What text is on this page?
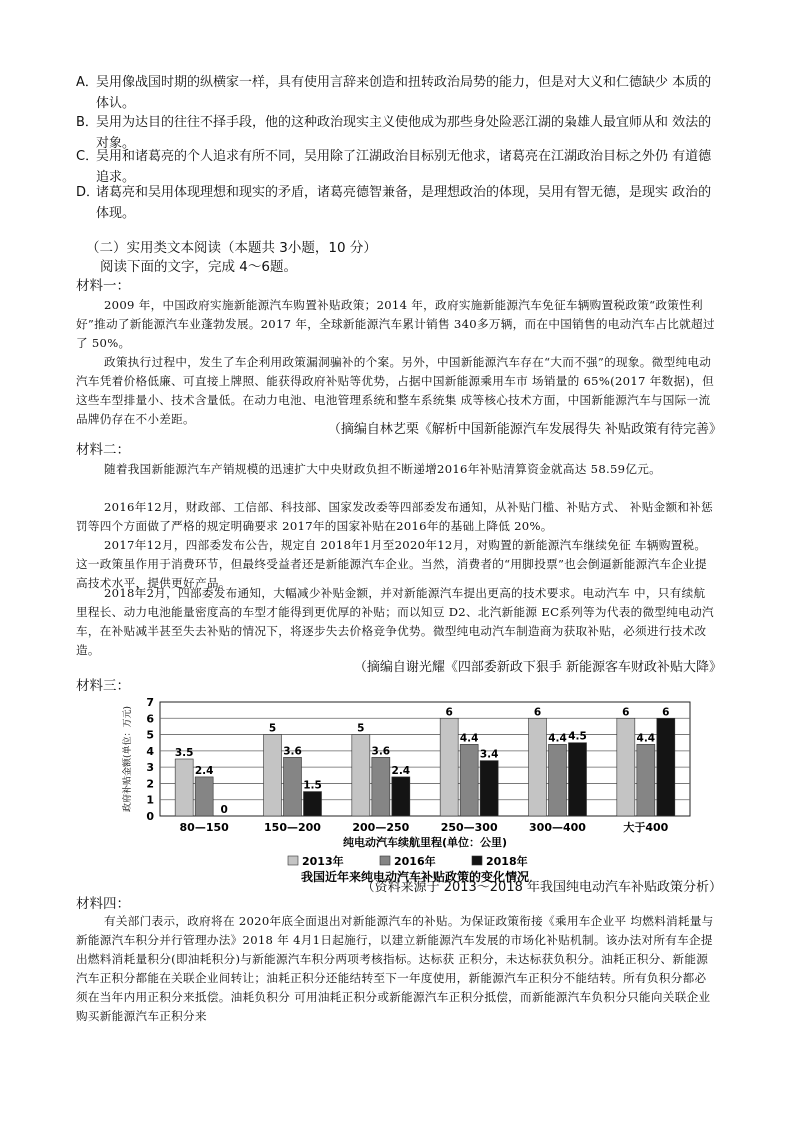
A．
吴用像战国时期的纵横家一样，具有使用言辞来创造和扭转政治局势的能力，但是对大义和仁德缺少 本质的体认。
B．
吴用为达目的往往不择手段，他的这种政治现实主义使他成为那些身处险恶江湖的枭雄人最宜师从和 效法的对象。
C．
吴用和诸葛亮的个人追求有所不同，吴用除了江湖政治目标别无他求，诸葛亮在江湖政治目标之外仍 有道德追求。
D．
诸葛亮和吴用体现理想和现实的矛盾，诸葛亮德智兼备，是理想政治的体现，吴用有智无德，是现实 政治的体现。
（二）实用类文本阅读（本题共 3小题，10 分）
阅读下面的文字，完成 4～6题。
材料一：

2009 年，中国政府实施新能源汽车购置补贴政策；2014 年，政府实施新能源汽车免征车辆购置税政策“政策性利好”推动了新能源汽车业蓬勃发展。2017 年，全球新能源汽车累计销售 340多万辆，而在中国销售的电动汽车占比就超过了 50%。

政策执行过程中，发生了车企利用政策漏洞骗补的个案。另外，中国新能源汽车存在“大而不强”的现象。微型纯电动汽车凭着价格低廉、可直接上牌照、能获得政府补贴等优势，占据中国新能源乘用车市 场销量的 65%(2017 年数据)，但这些车型排量小、技术含量低。在动力电池、电池管理系统和整车系统集 成等核心技术方面，中国新能源汽车与国际一流品牌仍存在不小差距。

（摘编自林艺栗《解析中国新能源汽车发展得失 补贴政策有待完善》
材料二：

随着我国新能源汽车产销规模的迅速扩大中央财政负担不断递增2016年补贴清算资金就高达 58.59亿元。

2016年12月，财政部、工信部、科技部、国家发改委等四部委发布通知，从补贴门槛、补贴方式、 补贴金额和补惩罚等四个方面做了严格的规定明确要求 2017年的国家补贴在2016年的基础上降低 20%。

2017年12月，四部委发布公告，规定自 2018年1月至2020年12月，对购置的新能源汽车继续免征 车辆购置税。这一政策虽作用于消费环节，但最终受益者还是新能源汽车企业。当然，消费者的“用脚投票”也会倒逼新能源汽车企业提高技术水平，提供更好产品。

2018年2月，四部委发布通知，大幅减少补贴金额，并对新能源汽车提出更高的技术要求。电动汽车 中，只有续航里程长、动力电池能量密度高的车型才能得到更优厚的补贴；而以知豆 D2、北汽新能源 EC系列等为代表的微型纯电动汽车，在补贴减半甚至失去补贴的情况下，将逐步失去价格竞争优势。微型纯电动汽车制造商为获取补贴，必须进行技术改造。

（摘编自谢光耀《四部委新政下狠手 新能源客车财政补贴大降》
材料三：
0
1
2
3
4
5
6
7
政府补贴金额(单位：万元)	3.5
2.4
0
80—150
5
3.6
1.5
150—200
5
3.6
2.4
200—250
6
4.4
3.4
250—300
6
4.4 4.5
300—400
6
4.4
6
大于400
纯电动汽车续航里程(单位：公里)
2013年	2016年	2018年
我国近年来纯电动汽车补贴政策的变化情况
（资料来源于 2013～2018 年我国纯电动汽车补贴政策分析）
材料四：

有关部门表示，政府将在 2020年底全面退出对新能源汽车的补贴。为保证政策衔接《乘用车企业平 均燃料消耗量与新能源汽车积分并行管理办法》2018 年 4月1日起施行，以建立新能源汽车发展的市场化补贴机制。该办法对所有车企提出燃料消耗量积分(即油耗积分)与新能源汽车积分两项考核指标。达标获 正积分，未达标获负积分。油耗正积分、新能源汽车正积分都能在关联企业间转让；油耗正积分还能结转至下一年度使用，新能源汽车正积分不能结转。所有负积分都必须在当年内用正积分来抵偿。油耗负积分 可用油耗正积分或新能源汽车正积分抵偿，而新能源汽车负积分只能向关联企业购买新能源汽车正积分来
